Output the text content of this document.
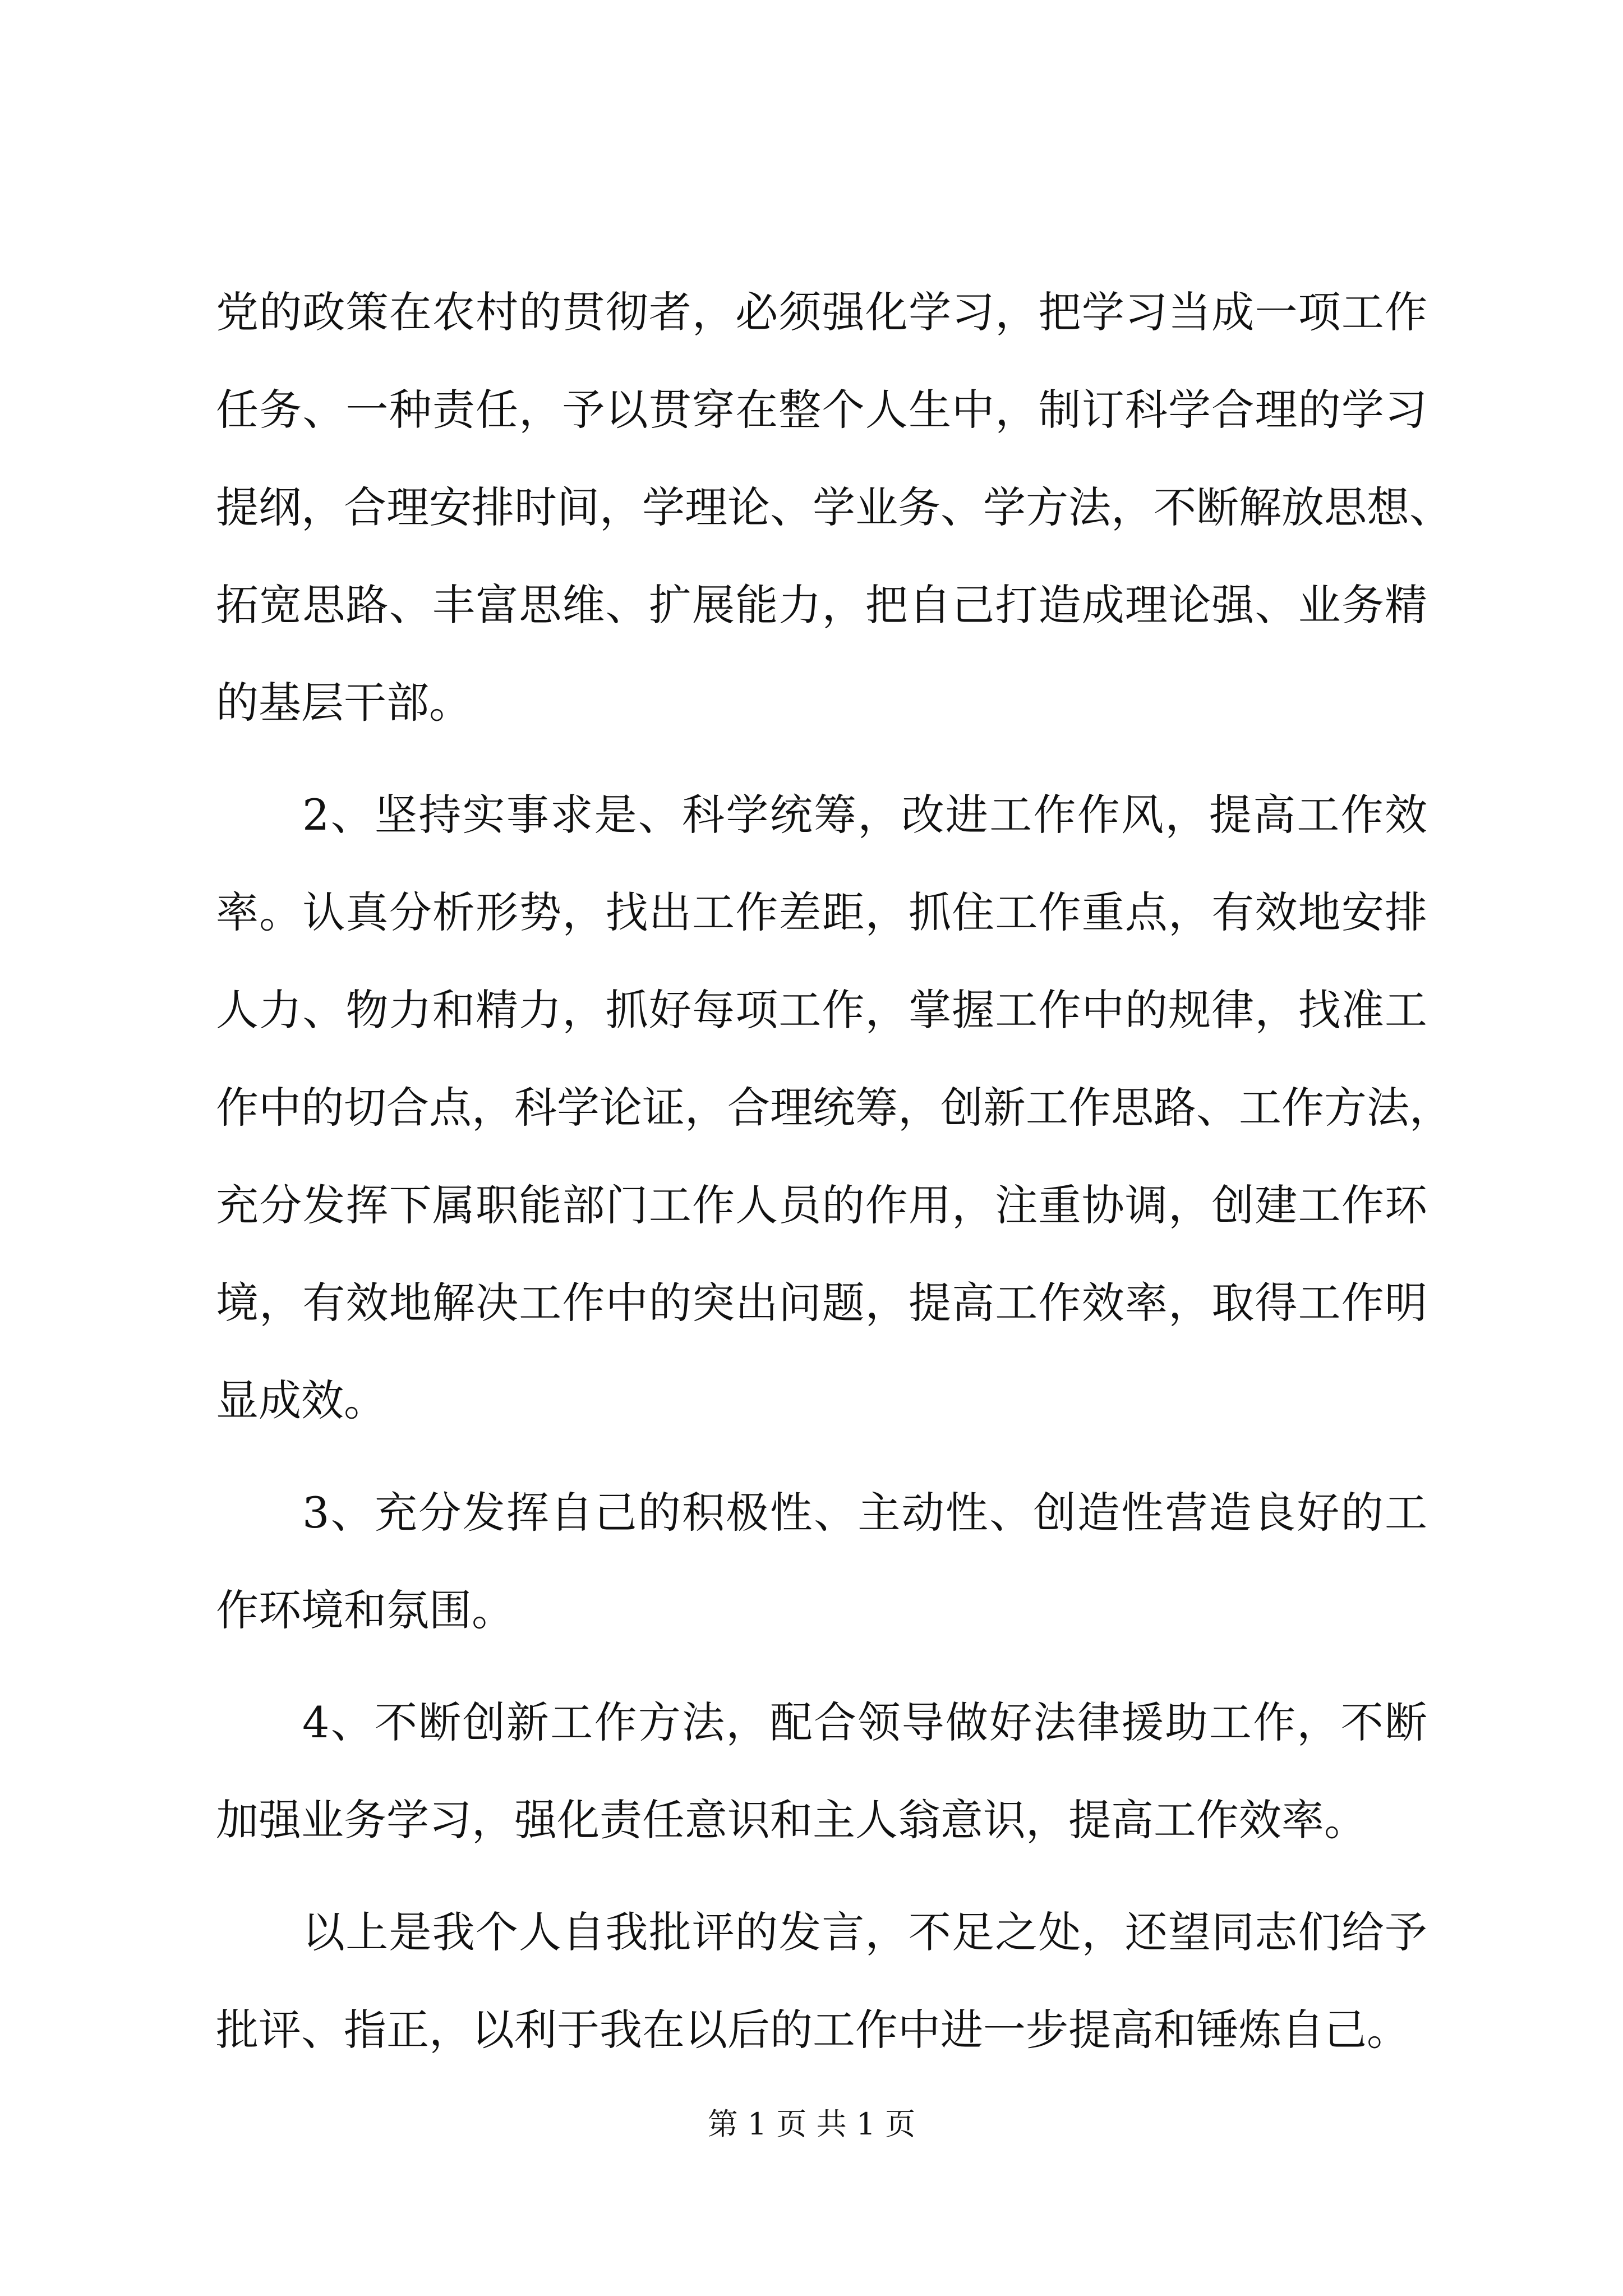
党的政策在农村的贯彻者，必须强化学习，把学习当成一项工作
任务、一种责任，予以贯穿在整个人生中，制订科学合理的学习
提纲，合理安排时间，学理论、学业务、学方法，不断解放思想、
拓宽思路、丰富思维、扩展能力，把自己打造成理论强、业务精
的基层干部。
2、坚持实事求是、科学统筹，改进工作作风，提高工作效
率。认真分析形势，找出工作差距，抓住工作重点，有效地安排
人力、物力和精力，抓好每项工作，掌握工作中的规律，找准工
作中的切合点，科学论证，合理统筹，创新工作思路、工作方法，
充分发挥下属职能部门工作人员的作用，注重协调，创建工作环
境，有效地解决工作中的突出问题，提高工作效率，取得工作明
显成效。
3、充分发挥自己的积极性、主动性、创造性营造良好的工
作环境和氛围。
4、不断创新工作方法，配合领导做好法律援助工作，不断
加强业务学习，强化责任意识和主人翁意识，提高工作效率。
以上是我个人自我批评的发言，不足之处，还望同志们给予
批评、指正，以利于我在以后的工作中进一步提高和锤炼自己。
第 1 页 共 1 页
